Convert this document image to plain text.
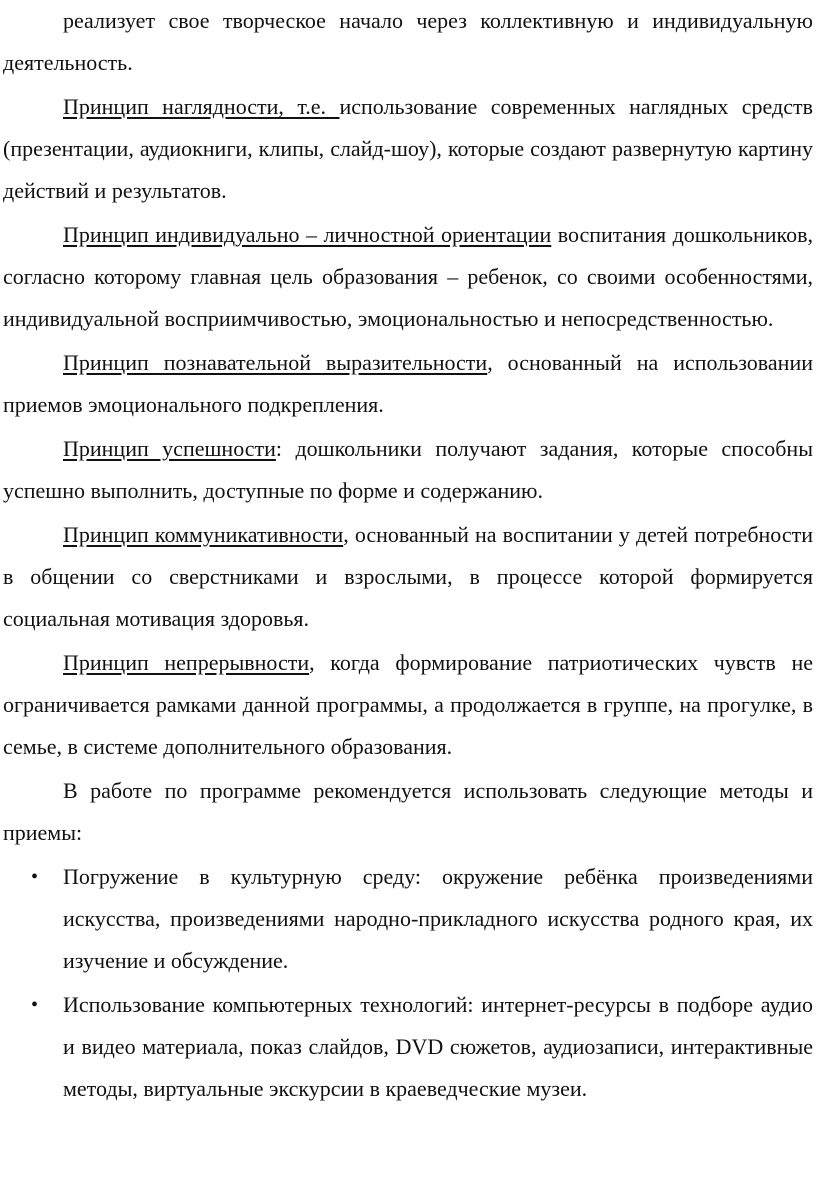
реализует свое творческое начало через коллективную и индивидуальную деятельность.

Принцип наглядности, т.е. использование современных наглядных средств (презентации, аудиокниги, клипы, слайд-шоу), которые создают развернутую картину действий и результатов.

Принцип индивидуально – личностной ориентации воспитания дошкольников, согласно которому главная цель образования – ребенок, со своими особенностями, индивидуальной восприимчивостью, эмоциональностью и непосредственностью.

Принцип познавательной выразительности, основанный на использовании приемов эмоционального подкрепления.

Принцип успешности: дошкольники получают задания, которые способны успешно выполнить, доступные по форме и содержанию.

Принцип коммуникативности, основанный на воспитании у детей потребности в общении со сверстниками и взрослыми, в процессе которой формируется социальная мотивация здоровья.

Принцип непрерывности, когда формирование патриотических чувств не ограничивается рамками данной программы, а продолжается в группе, на прогулке, в семье, в системе дополнительного образования.

В работе по программе рекомендуется использовать следующие методы и приемы:

• Погружение в культурную среду: окружение ребёнка произведениями искусства, произведениями народно-прикладного искусства родного края, их изучение и обсуждение.
• Использование компьютерных технологий: интернет-ресурсы в подборе аудио и видео материала, показ слайдов, DVD сюжетов, аудиозаписи, интерактивные методы, виртуальные экскурсии в краеведческие музеи.
